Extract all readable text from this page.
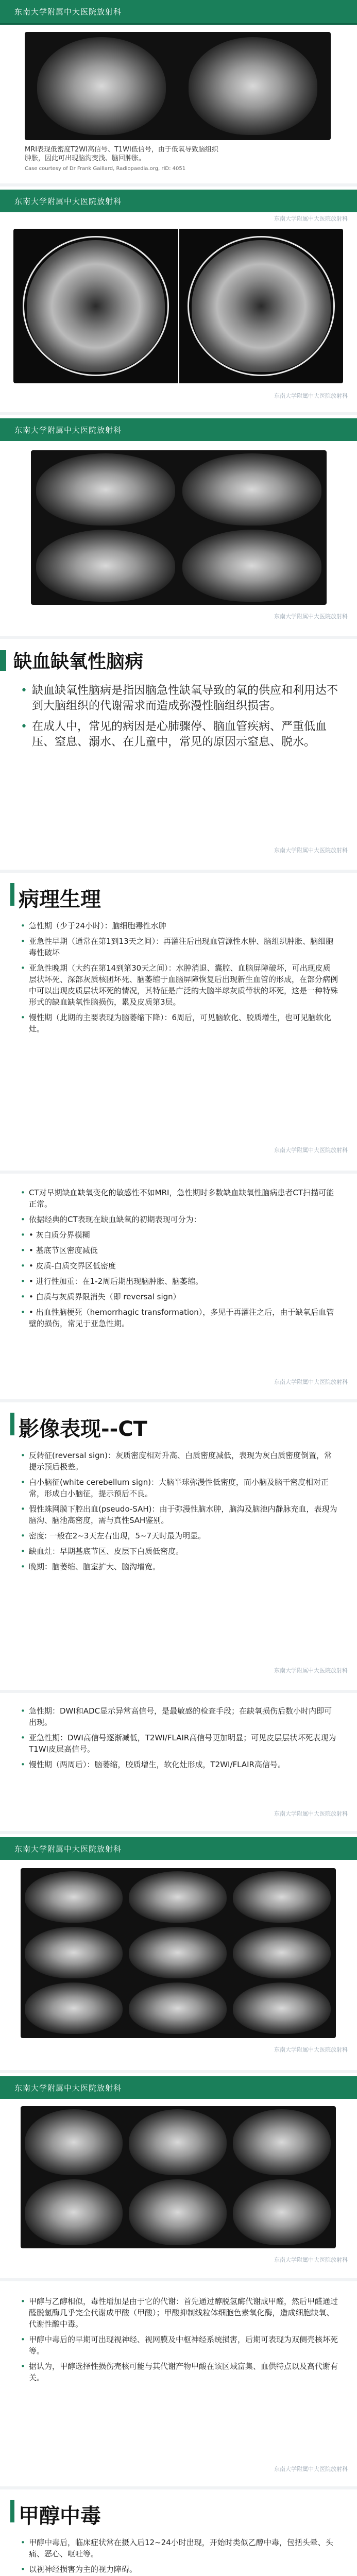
东南大学附属中大医院放射科
MRI表现低密度T2WI高信号、T1WI低信号，由于低氧导致脑组织
肿胀，因此可出现脑沟变浅、脑回肿胀。
Case courtesy of Dr Frank Gaillard, Radiopaedia.org, rID: 4051
东南大学附属中大医院放射科
东南大学附属中大医院放射科
东南大学附属中大医院放射科
东南大学附属中大医院放射科
东南大学附属中大医院放射科
缺血缺氧性脑病
• 缺血缺氧性脑病是指因脑急性缺氧导致的氧的供应和利用达不到大脑组织的代谢需求而造成弥漫性脑组织损害。
• 在成人中，常见的病因是心肺骤停、脑血管疾病、严重低血压、窒息、溺水、在儿童中，常见的原因示窒息、脱水。
东南大学附属中大医院放射科
病理生理
• 急性期（少于24小时）：脑细胞毒性水肿
• 亚急性早期（通常在第1到13天之间）：再灌注后出现血管源性水肿、脑组织肿胀、脑细胞毒性破坏
• 亚急性晚期（大约在第14到第30天之间）：水肿消退、囊腔、血脑屏障破坏，可出现皮质层状坏死、深部灰质核团坏死、脑萎缩于血脑屏障恢复后出现新生血管的形成，在部分病例中可以出现皮质层状坏死的情况，其特征是广泛的大脑半球灰质带状的坏死，这是一种特殊形式的缺血缺氧性脑损伤，累及皮质第3层。
• 慢性期（此期的主要表现为脑萎缩下降）：6周后，可见脑软化、胶质增生，也可见脑软化灶。
东南大学附属中大医院放射科
• CT对早期缺血缺氧变化的敏感性不如MRI，急性期时多数缺血缺氧性脑病患者CT扫描可能正常。
• 依据经典的CT表现在缺血缺氧的初期表现可分为：
• • 灰白质分界模糊
• • 基底节区密度减低
• • 皮质-白质交界区低密度
• • 进行性加重：在1-2周后期出现脑肿胀、脑萎缩。
• • 白质与灰质界限消失（即 reversal sign）
• • 出血性脑梗死（hemorrhagic transformation），多见于再灌注之后，由于缺氧后血管壁的损伤，常见于亚急性期。
东南大学附属中大医院放射科
影像表现--CT
• 反转征(reversal sign)：灰质密度相对升高、白质密度减低，表现为灰白质密度倒置，常提示预后极差。
• 白小脑征(white cerebellum sign)：大脑半球弥漫性低密度，而小脑及脑干密度相对正常，形成白小脑征，提示预后不良。
• 假性蛛网膜下腔出血(pseudo-SAH)：由于弥漫性脑水肿，脑沟及脑池内静脉充血，表现为脑沟、脑池高密度，需与真性SAH鉴别。
• 密度: 一般在2~3天左右出现，5~7天时最为明显。
• 缺血灶：早期基底节区、皮层下白质低密度。
• 晚期：脑萎缩、脑室扩大、脑沟增宽。
东南大学附属中大医院放射科
• 急性期：DWI和ADC显示异常高信号，是最敏感的检查手段；在缺氧损伤后数小时内即可出现。
• 亚急性期：DWI高信号逐渐减低，T2WI/FLAIR高信号更加明显；可见皮层层状坏死表现为T1WI皮层高信号。
• 慢性期（两周后）：脑萎缩，胶质增生，软化灶形成，T2WI/FLAIR高信号。
东南大学附属中大医院放射科
东南大学附属中大医院放射科
东南大学附属中大医院放射科
东南大学附属中大医院放射科
东南大学附属中大医院放射科
• 甲醇与乙醇相似，毒性增加是由于它的代谢：首先通过醇脱氢酶代谢成甲醛，然后甲醛通过醛脱氢酶几乎完全代谢成甲酸（甲酸）；甲酸抑制线粒体细胞色素氧化酶，造成细胞缺氧、代谢性酸中毒。
• 甲醇中毒后的早期可出现视神经、视网膜及中枢神经系统损害，后期可表现为双侧壳核坏死等。
• 据认为，甲醇选择性损伤壳核可能与其代谢产物甲酸在该区域富集、血供特点以及高代谢有关。
东南大学附属中大医院放射科
甲醇中毒
• 甲醇中毒后，临床症状常在摄入后12~24小时出现，开始时类似乙醇中毒，包括头晕、头痛、恶心、呕吐等。
• 以视神经损害为主的视力障碍。
